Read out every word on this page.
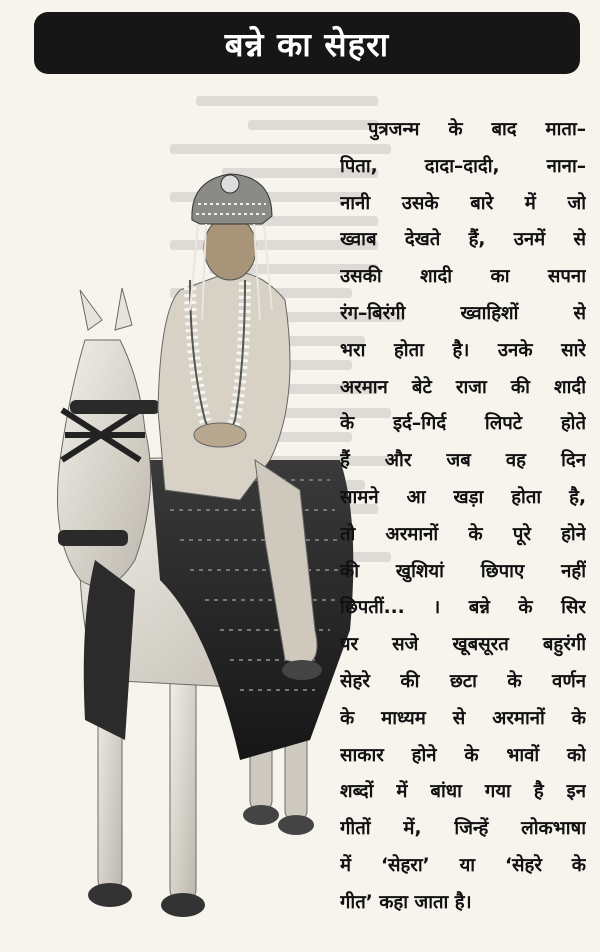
बन्ने का सेहरा
पुत्रजन्म के बाद माता–
पिता, दादा–दादी, नाना–
नानी उसके बारे में जो
ख्वाब देखते हैं, उनमें से
उसकी शादी का सपना
रंग–बिरंगी ख्वाहिशों से
भरा होता है। उनके सारे
अरमान बेटे राजा की शादी
के इर्द–गिर्द लिपटे होते
हैं और जब वह दिन
सामने आ खड़ा होता है,
तो अरमानों के पूरे होने
की खुशियां छिपाए नहीं
छिपतीं... । बन्ने के सिर
पर सजे खूबसूरत बहुरंगी
सेहरे की छटा के वर्णन
के माध्यम से अरमानों के
साकार होने के भावों को
शब्दों में बांधा गया है इन
गीतों में, जिन्हें लोकभाषा
में ‘सेहरा’ या ‘सेहरे के
गीत’ कहा जाता है।
